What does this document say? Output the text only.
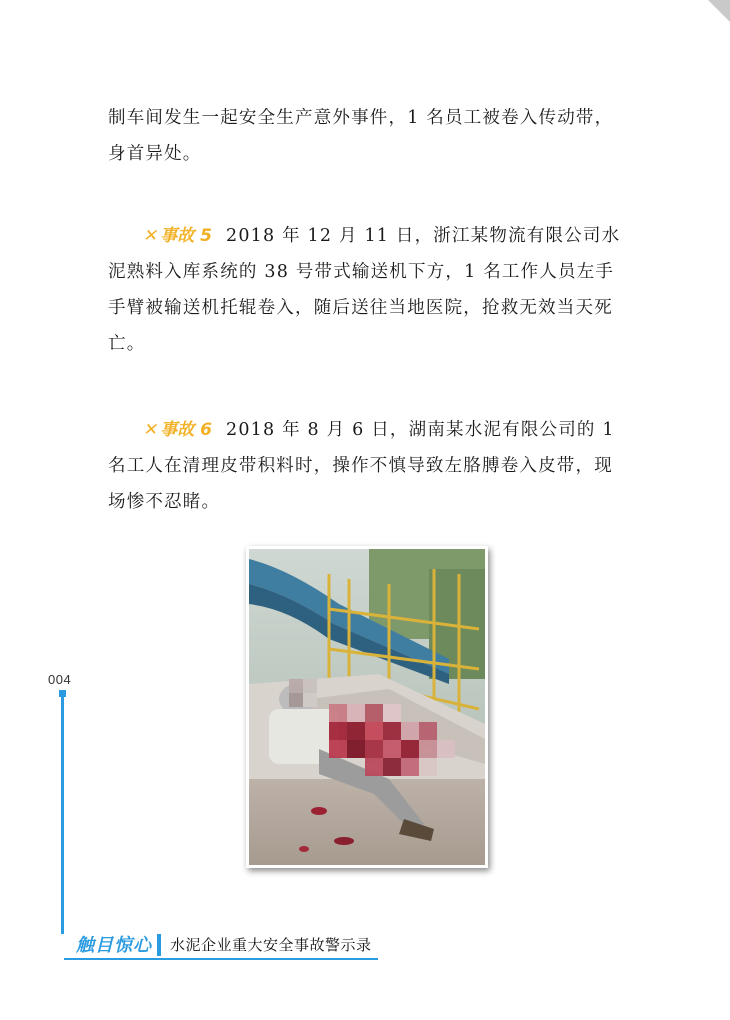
制车间发生一起安全生产意外事件，1 名员工被卷入传动带，身首异处。

✕事故 5 2018 年 12 月 11 日，浙江某物流有限公司水泥熟料入库系统的 38 号带式输送机下方，1 名工作人员左手手臂被输送机托辊卷入，随后送往当地医院，抢救无效当天死亡。

✕事故 6 2018 年 8 月 6 日，湖南某水泥有限公司的 1 名工人在清理皮带积料时，操作不慎导致左胳膊卷入皮带，现场惨不忍睹。

004
触目惊心	水泥企业重大安全事故警示录
